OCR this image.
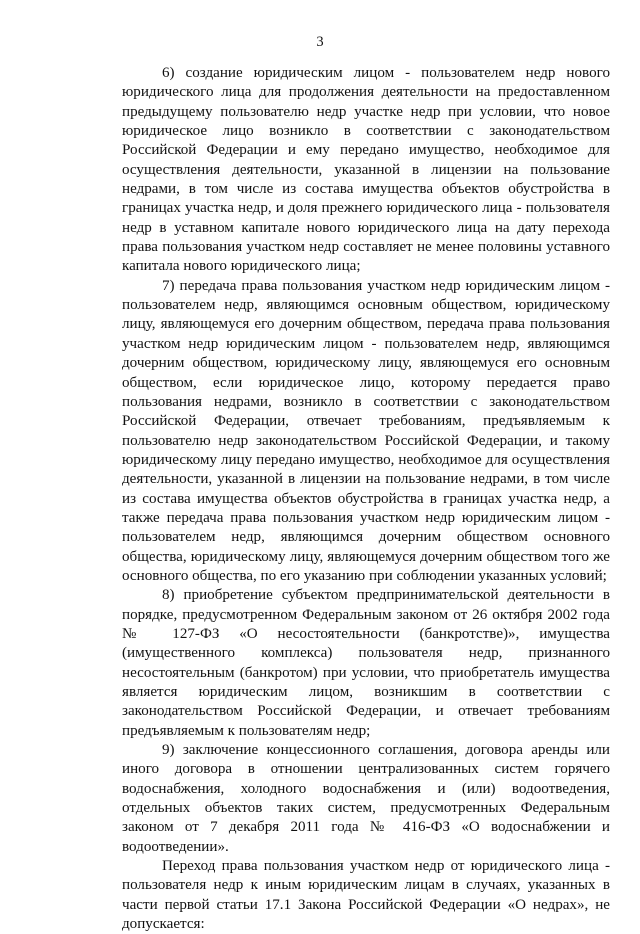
3

6) создание юридическим лицом - пользователем недр нового юридического лица для продолжения деятельности на предоставленном предыдущему пользователю недр участке недр при условии, что новое юридическое лицо возникло в соответствии с законодательством Российской Федерации и ему передано имущество, необходимое для осуществления деятельности, указанной в лицензии на пользование недрами, в том числе из состава имущества объектов обустройства в границах участка недр, и доля прежнего юридического лица - пользователя недр в уставном капитале нового юридического лица на дату перехода права пользования участком недр составляет не менее половины уставного капитала нового юридического лица;

7) передача права пользования участком недр юридическим лицом - пользователем недр, являющимся основным обществом, юридическому лицу, являющемуся его дочерним обществом, передача права пользования участком недр юридическим лицом - пользователем недр, являющимся дочерним обществом, юридическому лицу, являющемуся его основным обществом, если юридическое лицо, которому передается право пользования недрами, возникло в соответствии с законодательством Российской Федерации, отвечает требованиям, предъявляемым к пользователю недр законодательством Российской Федерации, и такому юридическому лицу передано имущество, необходимое для осуществления деятельности, указанной в лицензии на пользование недрами, в том числе из состава имущества объектов обустройства в границах участка недр, а также передача права пользования участком недр юридическим лицом - пользователем недр, являющимся дочерним обществом основного общества, юридическому лицу, являющемуся дочерним обществом того же основного общества, по его указанию при соблюдении указанных условий;

8) приобретение субъектом предпринимательской деятельности в порядке, предусмотренном Федеральным законом от 26 октября 2002 года № 127-ФЗ «О несостоятельности (банкротстве)», имущества (имущественного комплекса) пользователя недр, признанного несостоятельным (банкротом) при условии, что приобретатель имущества является юридическим лицом, возникшим в соответствии с законодательством Российской Федерации, и отвечает требованиям предъявляемым к пользователям недр;

9) заключение концессионного соглашения, договора аренды или иного договора в отношении централизованных систем горячего водоснабжения, холодного водоснабжения и (или) водоотведения, отдельных объектов таких систем, предусмотренных Федеральным законом от 7 декабря 2011 года № 416-ФЗ «О водоснабжении и водоотведении».

Переход права пользования участком недр от юридического лица - пользователя недр к иным юридическим лицам в случаях, указанных в части первой статьи 17.1 Закона Российской Федерации «О недрах», не допускается:
